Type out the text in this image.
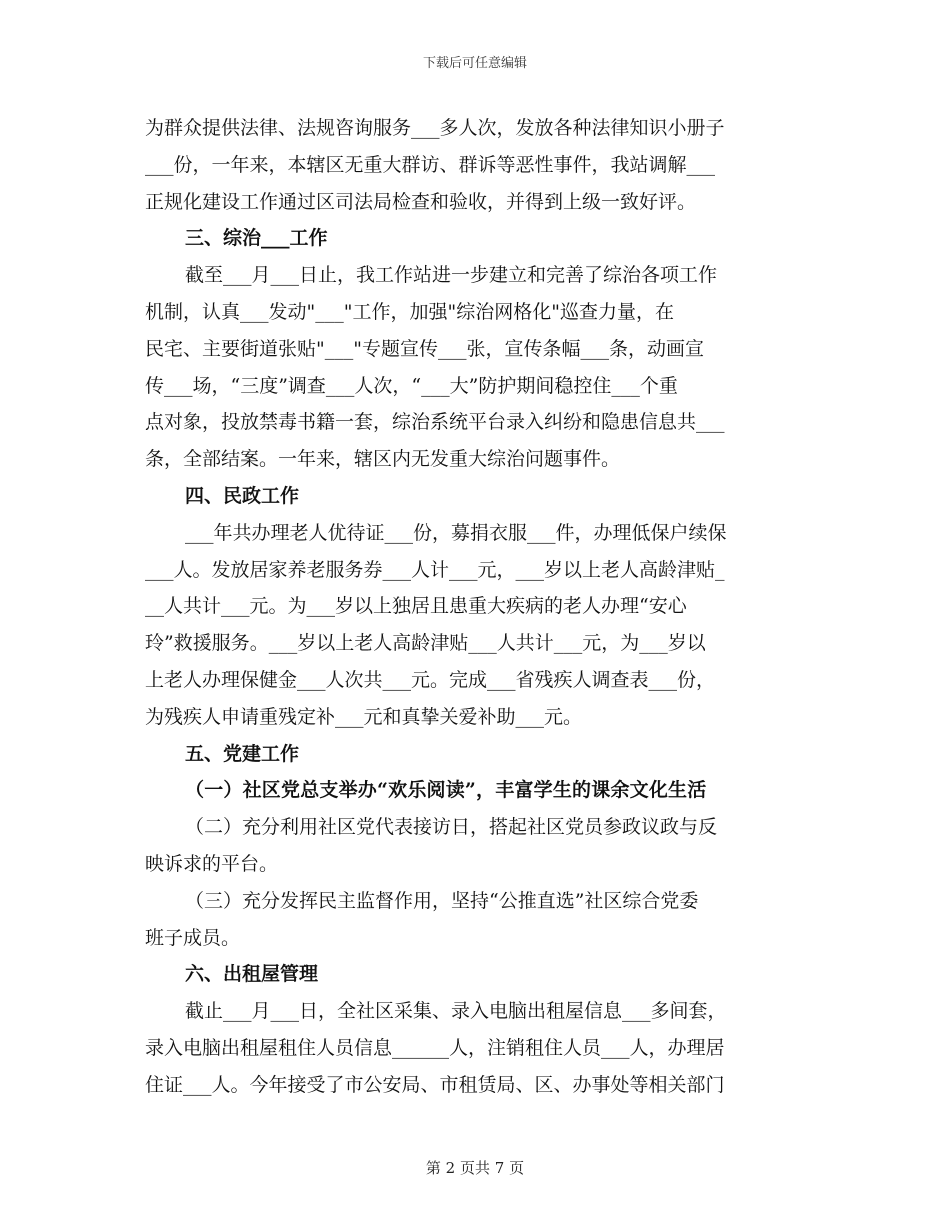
下载后可任意编辑
为群众提供法律、法规咨询服务___多人次，发放各种法律知识小册子
___份，一年来，本辖区无重大群访、群诉等恶性事件，我站调解___
正规化建设工作通过区司法局检查和验收，并得到上级一致好评。
三、综治___工作
截至___月___日止，我工作站进一步建立和完善了综治各项工作
机制，认真___发动"___"工作，加强"综治网格化"巡查力量，在
民宅、主要街道张贴"___"专题宣传___张，宣传条幅___条，动画宣
传___场，“三度”调查___人次，“___大”防护期间稳控住___个重
点对象，投放禁毒书籍一套，综治系统平台录入纠纷和隐患信息共___
条，全部结案。一年来，辖区内无发重大综治问题事件。
四、民政工作
___年共办理老人优待证___份，募捐衣服___件，办理低保户续保
___人。发放居家养老服务券___人计___元，___岁以上老人高龄津贴_
__人共计___元。为___岁以上独居且患重大疾病的老人办理“安心
玲”救援服务。___岁以上老人高龄津贴___人共计___元，为___岁以
上老人办理保健金___人次共___元。完成___省残疾人调查表___份，
为残疾人申请重残定补___元和真挚关爱补助___元。
五、党建工作
（一）社区党总支举办“欢乐阅读”，丰富学生的课余文化生活
（二）充分利用社区党代表接访日，搭起社区党员参政议政与反
映诉求的平台。
（三）充分发挥民主监督作用，坚持“公推直选”社区综合党委
班子成员。
六、出租屋管理
截止___月___日，全社区采集、录入电脑出租屋信息___多间套，
录入电脑出租屋租住人员信息______人，注销租住人员___人，办理居
住证___人。今年接受了市公安局、市租赁局、区、办事处等相关部门
第 2 页共 7 页
